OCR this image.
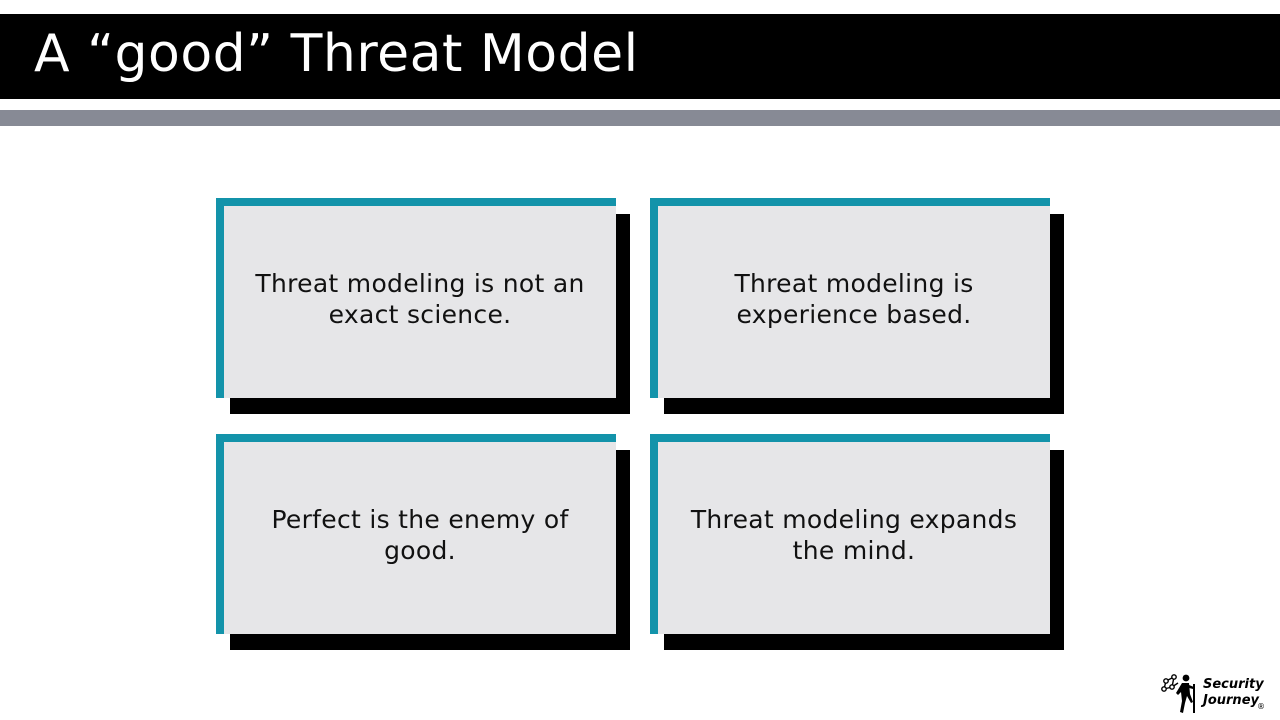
A “good” Threat Model

Threat modeling is not an exact science.

Threat modeling is experience based.

Perfect is the enemy of good.

Threat modeling expands the mind.

Security
Journey
®
